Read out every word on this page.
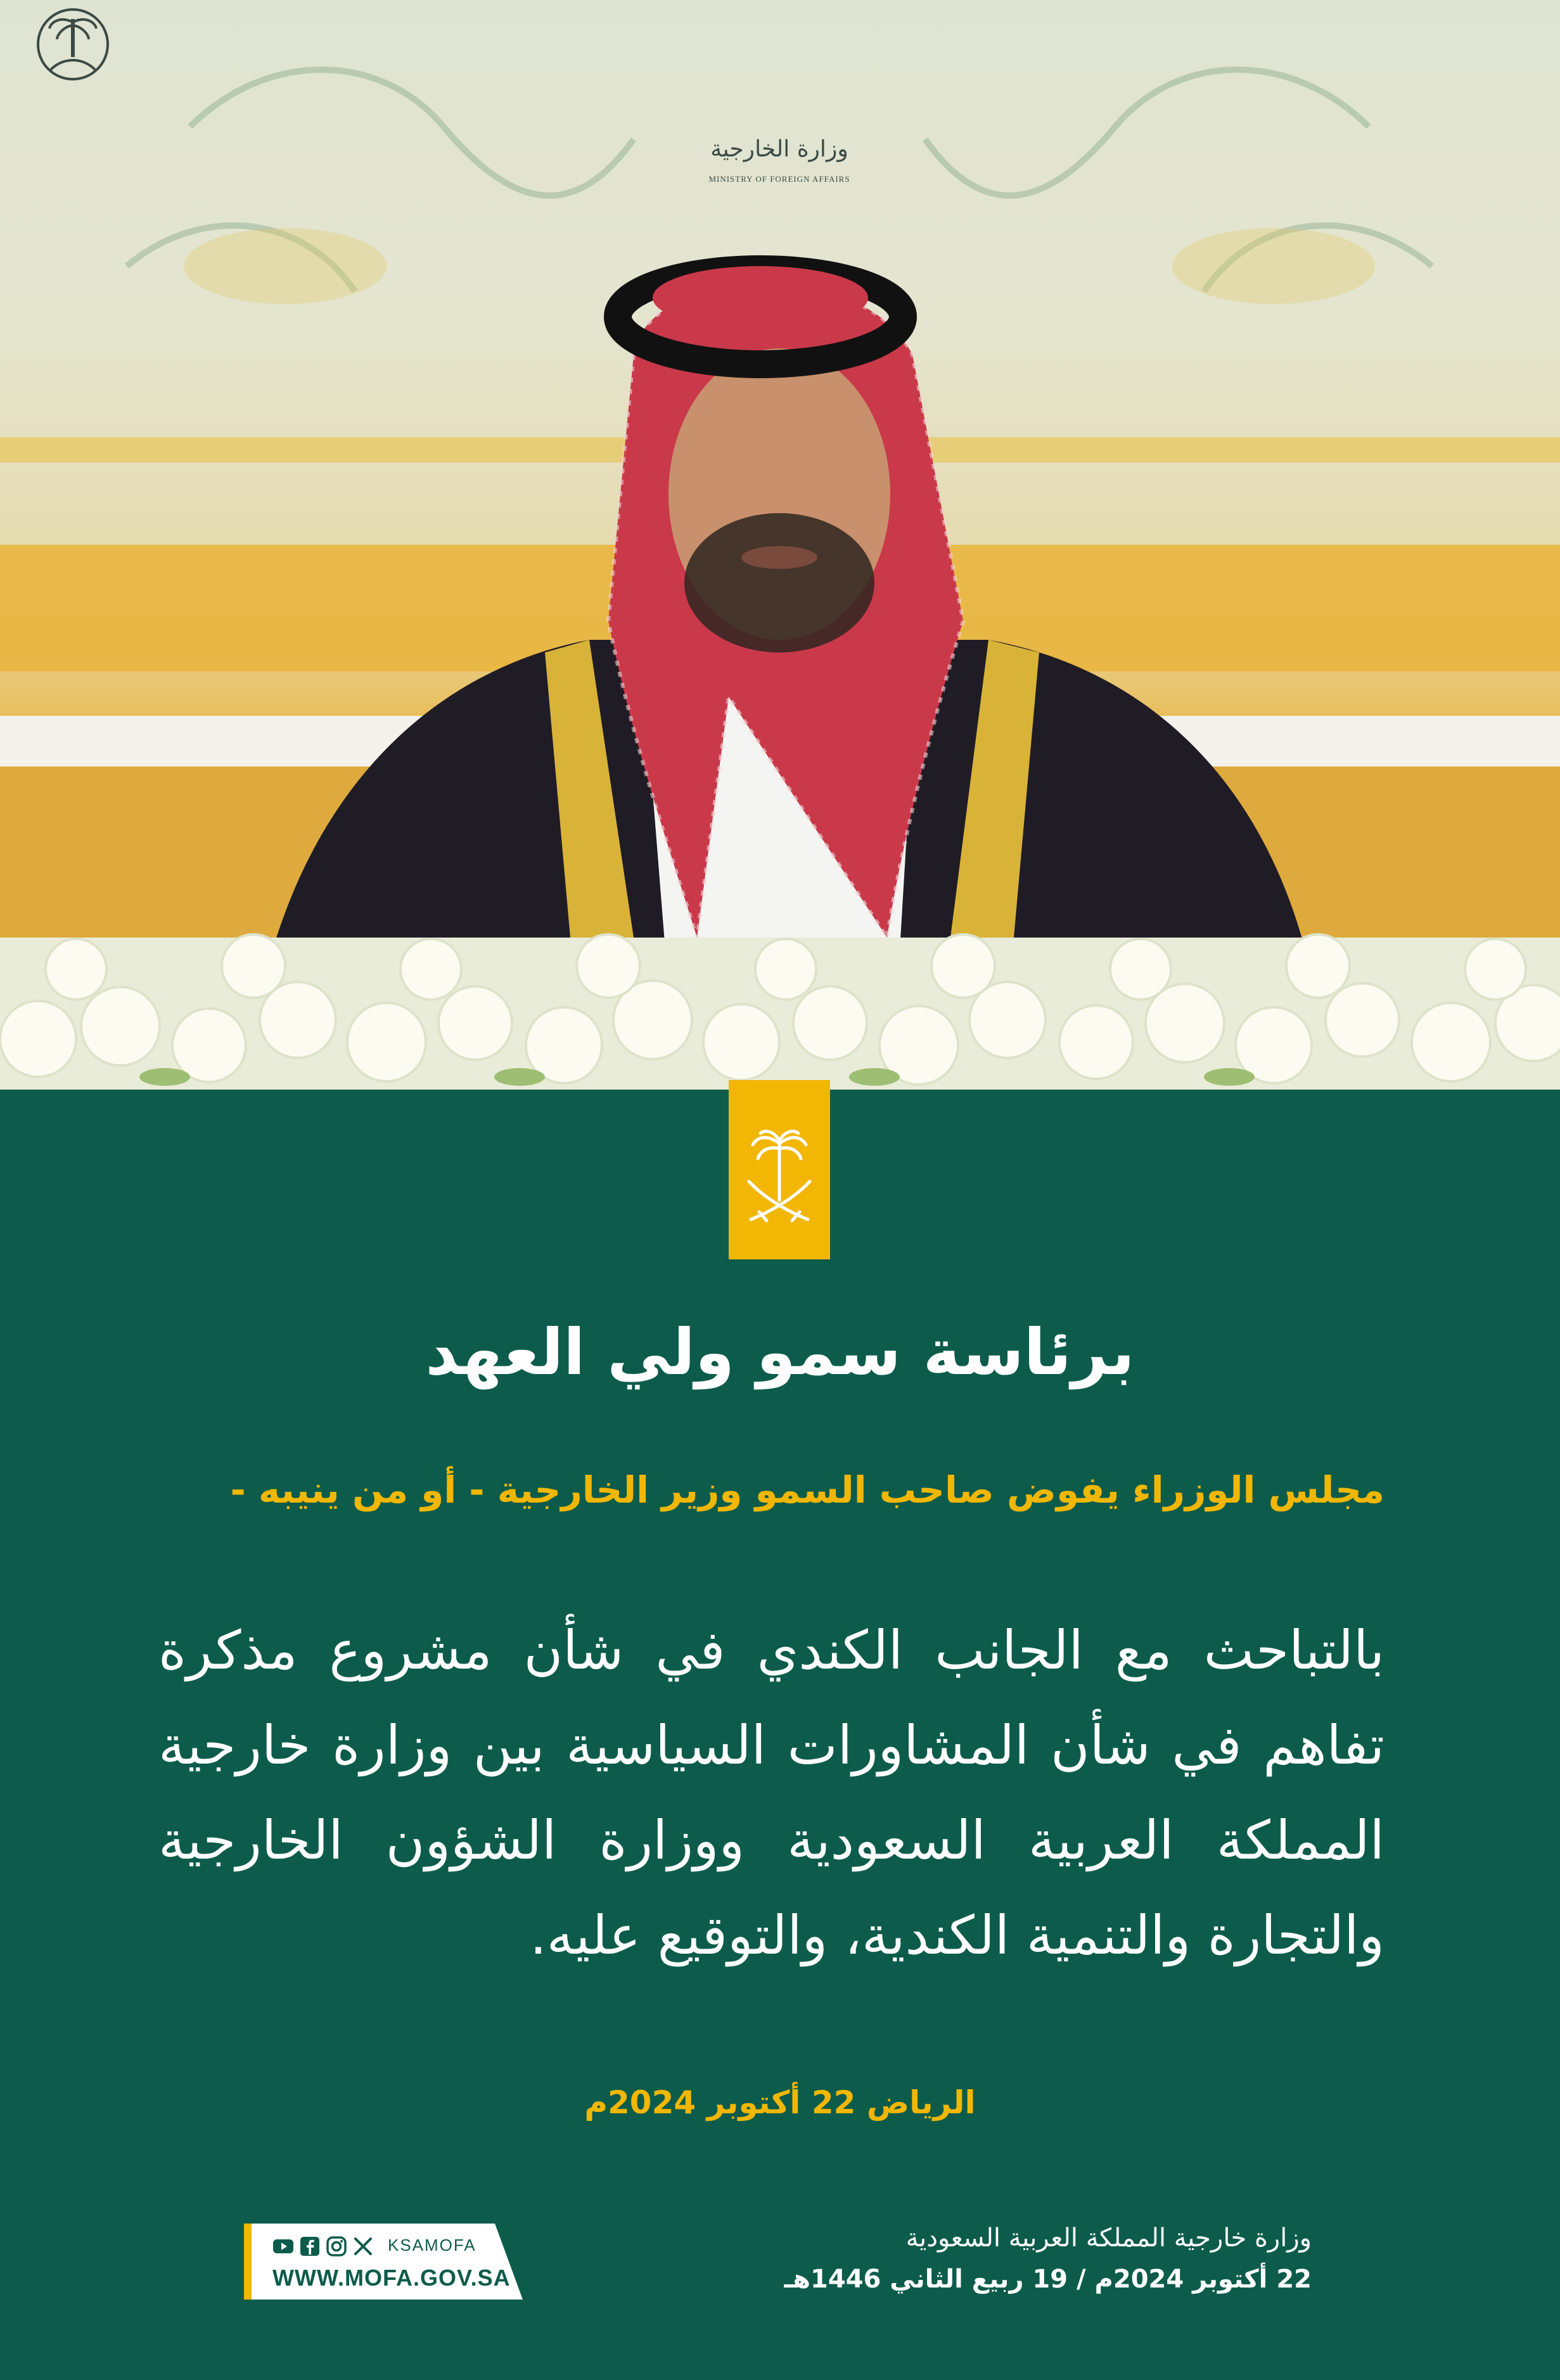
وزارة الخارجية
MINISTRY OF FOREIGN AFFAIRS
برئاسة سمو ولي العهد
مجلس الوزراء يفوض صاحب السمو وزير الخارجية - أو من ينيبه -
بالتباحث مع الجانب الكندي في شأن مشروع مذكرة تفاهم في شأن المشاورات السياسية بين وزارة خارجية المملكة العربية السعودية ووزارة الشؤون الخارجية والتجارة والتنمية الكندية، والتوقيع عليه.
الرياض 22 أكتوبر 2024م
KSAMOFA
WWW.MOFA.GOV.SA
وزارة خارجية المملكة العربية السعودية
22 أكتوبر 2024م / 19 ربيع الثاني 1446هـ
